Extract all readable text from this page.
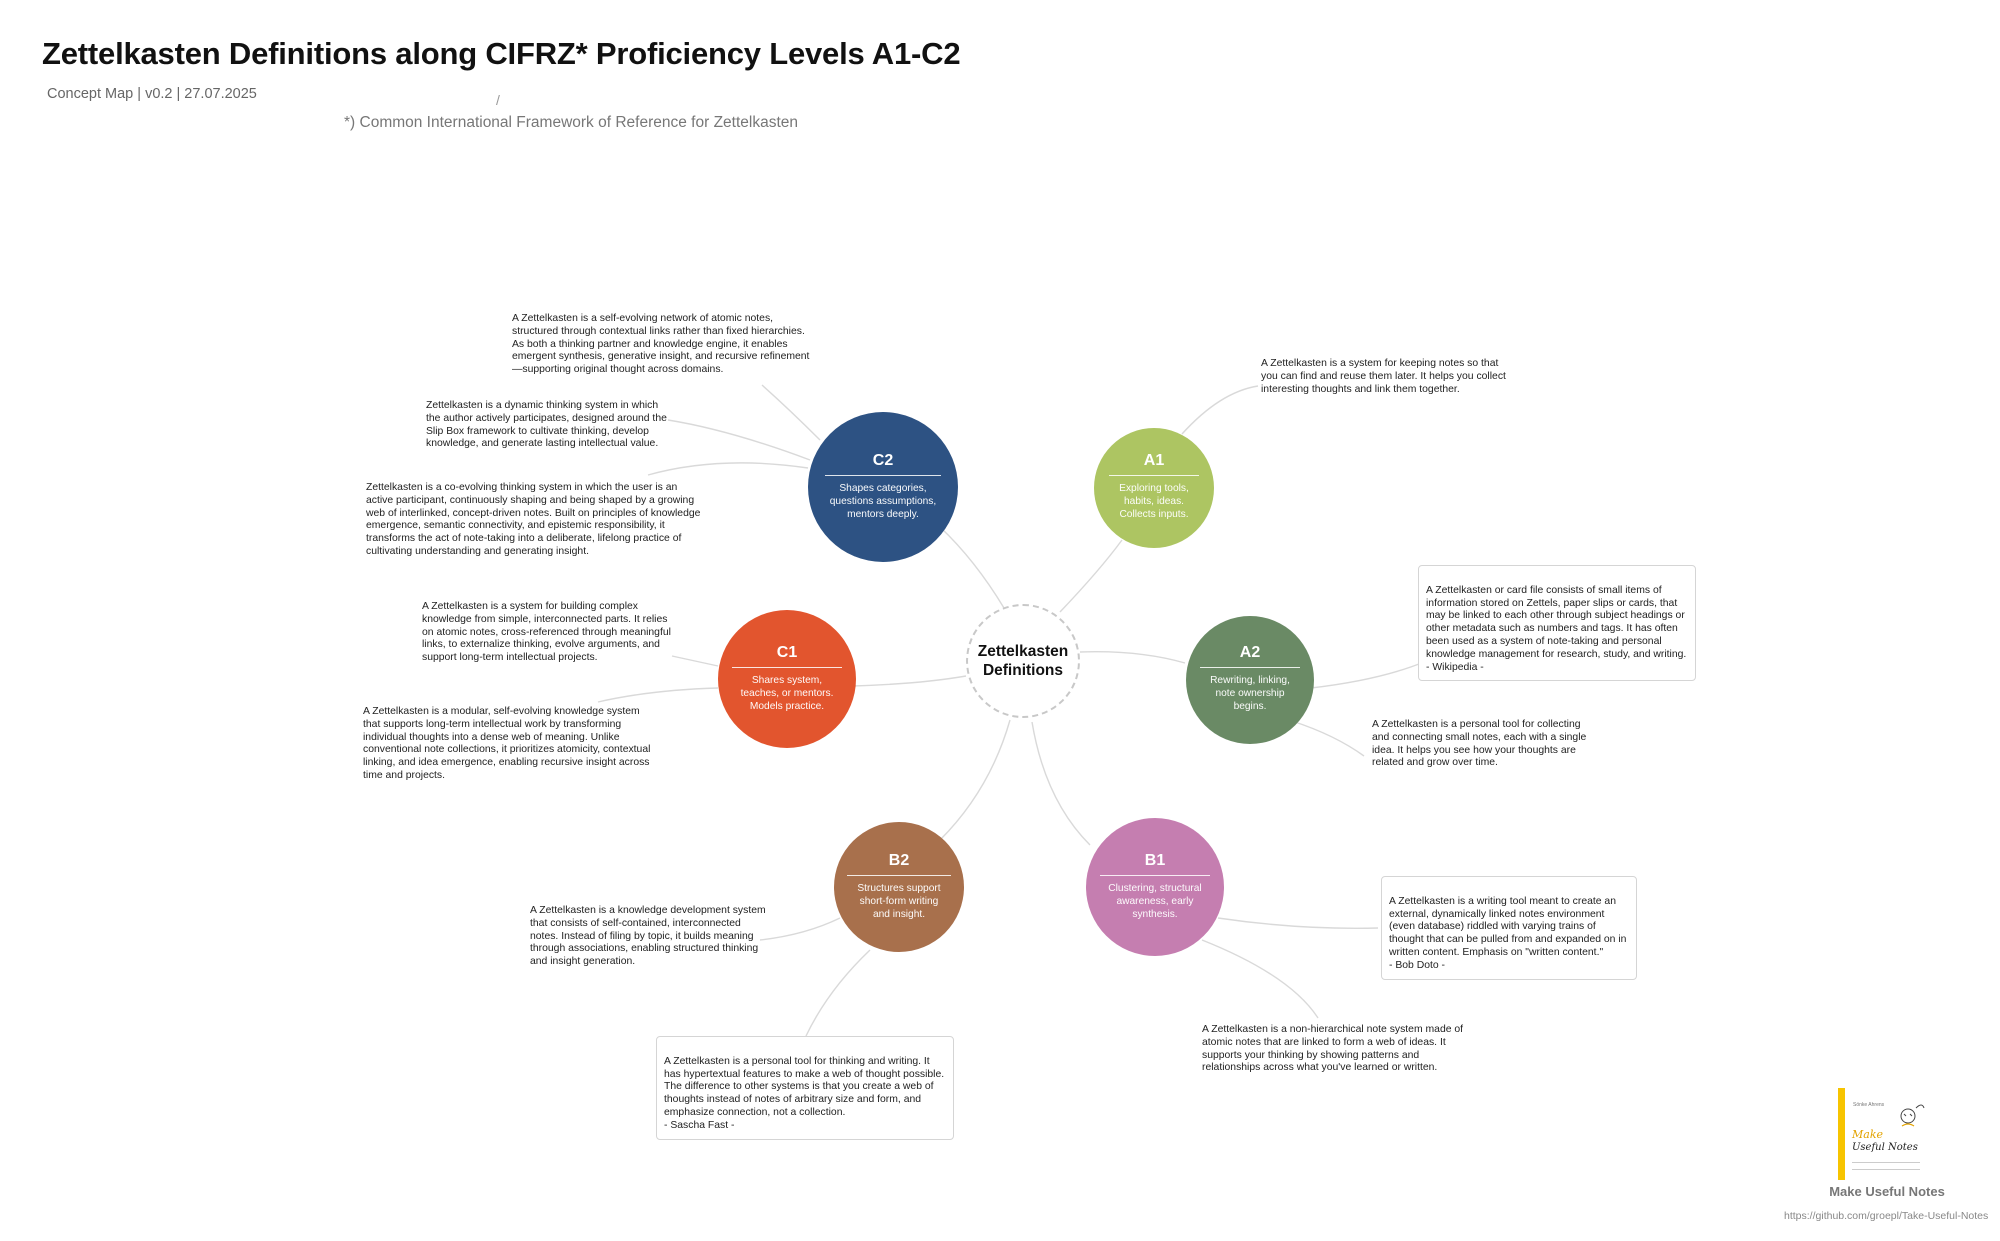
Zettelkasten Definitions along CIFRZ* Proficiency Levels A1-C2
Concept Map | v0.2 | 27.07.2025	/
*) Common International Framework of Reference for Zettelkasten
Zettelkasten
Definitions
C2
Shapes categories, questions assumptions, mentors deeply.
A1
Exploring tools, habits, ideas. Collects inputs.
C1
Shares system, teaches, or mentors. Models practice.
A2
Rewriting, linking, note ownership begins.
B2
Structures support short-form writing and insight.
B1
Clustering, structural awareness, early synthesis.
A Zettelkasten is a self-evolving network of atomic notes, structured through contextual links rather than fixed hierarchies. As both a thinking partner and knowledge engine, it enables emergent synthesis, generative insight, and recursive refinement—supporting original thought across domains.
Zettelkasten is a dynamic thinking system in which the author actively participates, designed around the Slip Box framework to cultivate thinking, develop knowledge, and generate lasting intellectual value.
Zettelkasten is a co-evolving thinking system in which the user is an active participant, continuously shaping and being shaped by a growing web of interlinked, concept-driven notes. Built on principles of knowledge emergence, semantic connectivity, and epistemic responsibility, it transforms the act of note-taking into a deliberate, lifelong practice of cultivating understanding and generating insight.
A Zettelkasten is a system for keeping notes so that you can find and reuse them later. It helps you collect interesting thoughts and link them together.
A Zettelkasten is a system for building complex knowledge from simple, interconnected parts. It relies on atomic notes, cross-referenced through meaningful links, to externalize thinking, evolve arguments, and support long-term intellectual projects.
A Zettelkasten is a modular, self-evolving knowledge system that supports long-term intellectual work by transforming individual thoughts into a dense web of meaning. Unlike conventional note collections, it prioritizes atomicity, contextual linking, and idea emergence, enabling recursive insight across time and projects.

A Zettelkasten or card file consists of small items of information stored on Zettels, paper slips or cards, that may be linked to each other through subject headings or other metadata such as numbers and tags. It has often been used as a system of note-taking and personal knowledge management for research, study, and writing.
- Wikipedia -

A Zettelkasten is a personal tool for collecting and connecting small notes, each with a single idea. It helps you see how your thoughts are related and grow over time.
A Zettelkasten is a knowledge development system that consists of self-contained, interconnected notes. Instead of filing by topic, it builds meaning through associations, enabling structured thinking and insight generation.

A Zettelkasten is a personal tool for thinking and writing. It has hypertextual features to make a web of thought possible. The difference to other systems is that you create a web of thoughts instead of notes of arbitrary size and form, and emphasize connection, not a collection.
- Sascha Fast -

A Zettelkasten is a writing tool meant to create an external, dynamically linked notes environment (even database) riddled with varying trains of thought that can be pulled from and expanded on in written content. Emphasis on "written content."
- Bob Doto -

A Zettelkasten is a non-hierarchical note system made of atomic notes that are linked to form a web of ideas. It supports your thinking by showing patterns and relationships across what you've learned or written.
Sönke Ahrens
Make
Useful Notes
Make Useful Notes
https://github.com/groepl/Take-Useful-Notes
